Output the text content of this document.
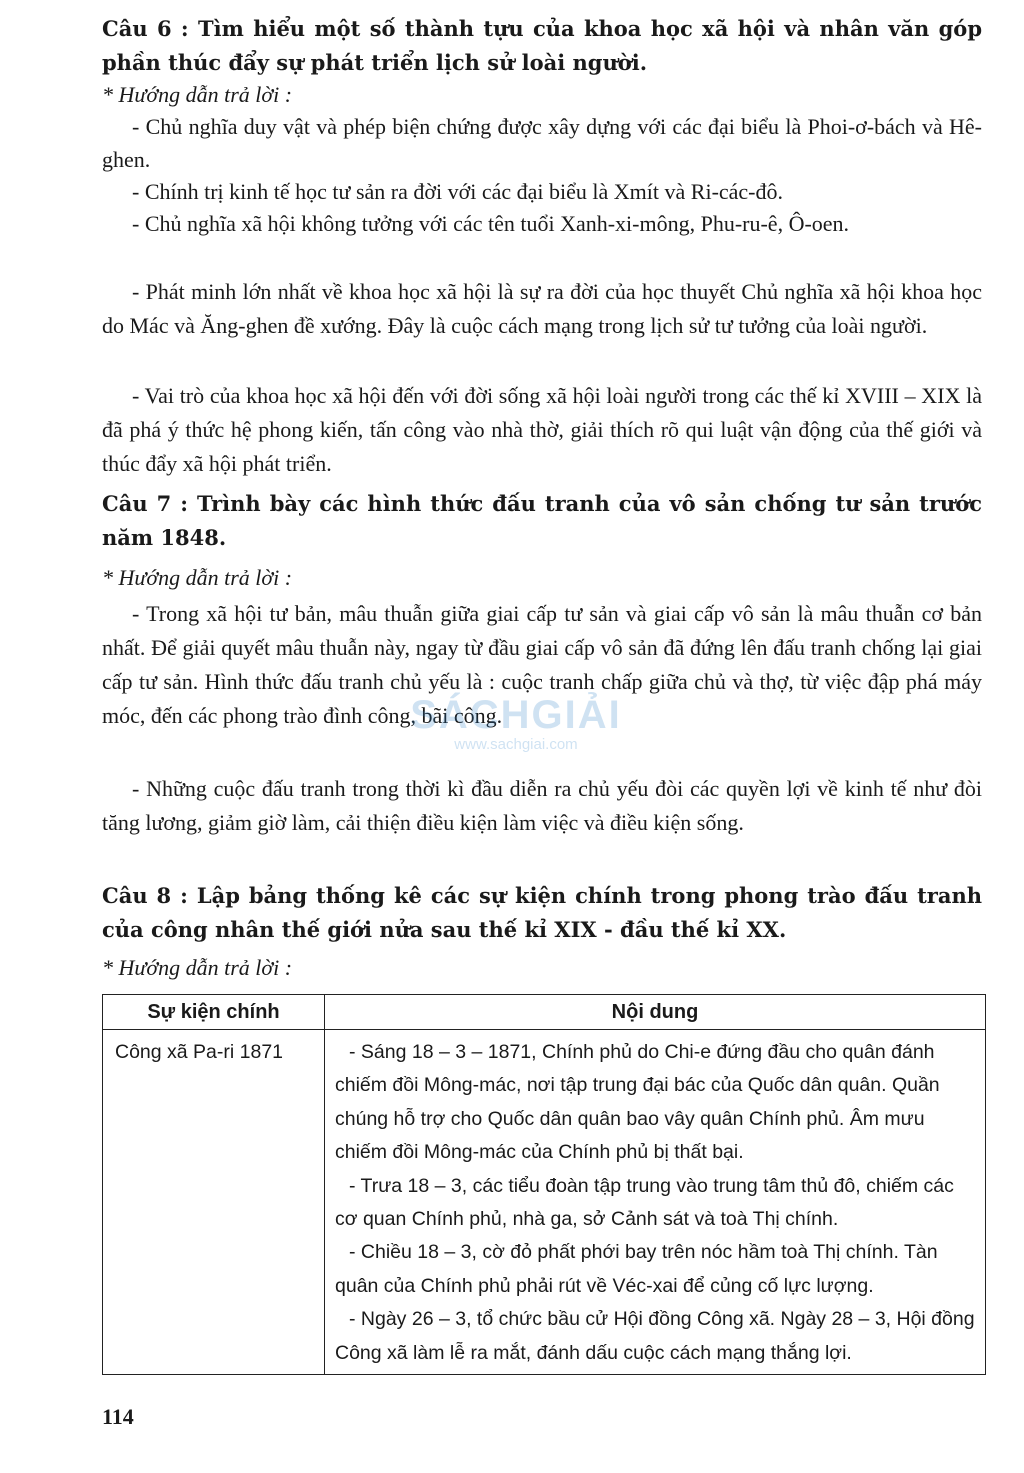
Câu 6 : Tìm hiểu một số thành tựu của khoa học xã hội và nhân văn góp phần thúc đẩy sự phát triển lịch sử loài người.

* Hướng dẫn trả lời :

- Chủ nghĩa duy vật và phép biện chứng được xây dựng với các đại biểu là Phoi-ơ-bách và Hê-ghen.

- Chính trị kinh tế học tư sản ra đời với các đại biểu là Xmít và Ri-các-đô.

- Chủ nghĩa xã hội không tưởng với các tên tuổi Xanh-xi-mông, Phu-ru-ê, Ô-oen.

- Phát minh lớn nhất về khoa học xã hội là sự ra đời của học thuyết Chủ nghĩa xã hội khoa học do Mác và Ăng-ghen đề xướng. Đây là cuộc cách mạng trong lịch sử tư tưởng của loài người.

- Vai trò của khoa học xã hội đến với đời sống xã hội loài người trong các thế kỉ XVIII – XIX là đã phá ý thức hệ phong kiến, tấn công vào nhà thờ, giải thích rõ qui luật vận động của thế giới và thúc đẩy xã hội phát triển.

Câu 7 : Trình bày các hình thức đấu tranh của vô sản chống tư sản trước năm 1848.

* Hướng dẫn trả lời :

- Trong xã hội tư bản, mâu thuẫn giữa giai cấp tư sản và giai cấp vô sản là mâu thuẫn cơ bản nhất. Để giải quyết mâu thuẫn này, ngay từ đầu giai cấp vô sản đã đứng lên đấu tranh chống lại giai cấp tư sản. Hình thức đấu tranh chủ yếu là : cuộc tranh chấp giữa chủ và thợ, từ việc đập phá máy móc, đến các phong trào đình công, bãi công.

- Những cuộc đấu tranh trong thời kì đầu diễn ra chủ yếu đòi các quyền lợi về kinh tế như đòi tăng lương, giảm giờ làm, cải thiện điều kiện làm việc và điều kiện sống.

Câu 8 : Lập bảng thống kê các sự kiện chính trong phong trào đấu tranh của công nhân thế giới nửa sau thế kỉ XIX - đầu thế kỉ XX.

* Hướng dẫn trả lời :

Sự kiện chính	Nội dung
Công xã Pa-ri 1871	- Sáng 18 – 3 – 1871, Chính phủ do Chi-e đứng đầu cho quân đánh chiếm đồi Mông-mác, nơi tập trung đại bác của Quốc dân quân. Quần chúng hỗ trợ cho Quốc dân quân bao vây quân Chính phủ. Âm mưu chiếm đồi Mông-mác của Chính phủ bị thất bại.

- Trưa 18 – 3, các tiểu đoàn tập trung vào trung tâm thủ đô, chiếm các cơ quan Chính phủ, nhà ga, sở Cảnh sát và toà Thị chính.

- Chiều 18 – 3, cờ đỏ phất phới bay trên nóc hầm toà Thị chính. Tàn quân của Chính phủ phải rút về Véc-xai để củng cố lực lượng.

- Ngày 26 – 3, tổ chức bầu cử Hội đồng Công xã. Ngày 28 – 3, Hội đồng Công xã làm lễ ra mắt, đánh dấu cuộc cách mạng thắng lợi.

SÁCHGIẢI
www.sachgiai.com

114
